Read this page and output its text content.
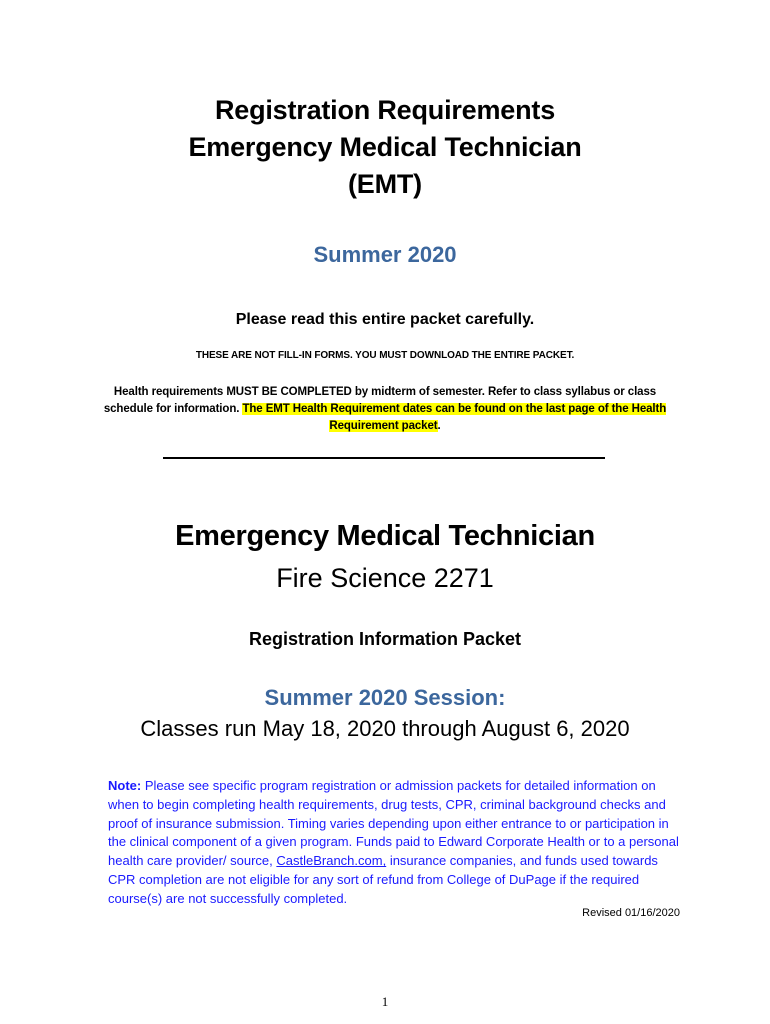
Registration Requirements
Emergency Medical Technician
(EMT)
Summer 2020
Please read this entire packet carefully.
THESE ARE NOT FILL-IN FORMS. YOU MUST DOWNLOAD THE ENTIRE PACKET.
Health requirements MUST BE COMPLETED by midterm of semester. Refer to class syllabus or class schedule for information. The EMT Health Requirement dates can be found on the last page of the Health Requirement packet.
Emergency Medical Technician
Fire Science 2271
Registration Information Packet
Summer 2020 Session:
Classes run May 18, 2020 through August 6, 2020
Note: Please see specific program registration or admission packets for detailed information on when to begin completing health requirements, drug tests, CPR, criminal background checks and proof of insurance submission. Timing varies depending upon either entrance to or participation in the clinical component of a given program. Funds paid to Edward Corporate Health or to a personal health care provider/ source, CastleBranch.com, insurance companies, and funds used towards CPR completion are not eligible for any sort of refund from College of DuPage if the required course(s) are not successfully completed.
Revised 01/16/2020
1
